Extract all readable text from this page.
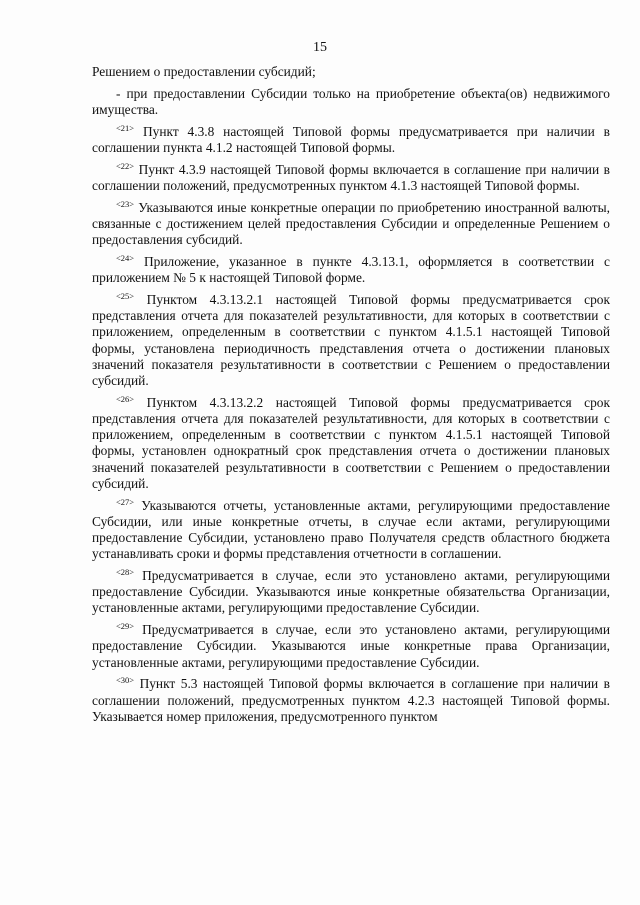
15

Решением о предоставлении субсидий;

- при предоставлении Субсидии только на приобретение объекта(ов) недвижимого имущества.

$^{<21>}$ Пункт 4.3.8 настоящей Типовой формы предусматривается при наличии в соглашении пункта 4.1.2 настоящей Типовой формы.

$^{<22>}$ Пункт 4.3.9 настоящей Типовой формы включается в соглашение при наличии в соглашении положений, предусмотренных пунктом 4.1.3 настоящей Типовой формы.

$^{<23>}$ Указываются иные конкретные операции по приобретению иностранной валюты, связанные с достижением целей предоставления Субсидии и определенные Решением о предоставления субсидий.

$^{<24>}$ Приложение, указанное в пункте 4.3.13.1, оформляется в соответствии с приложением № 5 к настоящей Типовой форме.

$^{<25>}$ Пунктом 4.3.13.2.1 настоящей Типовой формы предусматривается срок представления отчета для показателей результативности, для которых в соответствии с приложением, определенным в соответствии с пунктом 4.1.5.1 настоящей Типовой формы, установлена периодичность представления отчета о достижении плановых значений показателя результативности в соответствии с Решением о предоставлении субсидий.

$^{<26>}$ Пунктом 4.3.13.2.2 настоящей Типовой формы предусматривается срок представления отчета для показателей результативности, для которых в соответствии с приложением, определенным в соответствии с пунктом 4.1.5.1 настоящей Типовой формы, установлен однократный срок представления отчета о достижении плановых значений показателей результативности в соответствии с Решением о предоставлении субсидий.

$^{<27>}$ Указываются отчеты, установленные актами, регулирующими предоставление Субсидии, или иные конкретные отчеты, в случае если актами, регулирующими предоставление Субсидии, установлено право Получателя средств областного бюджета устанавливать сроки и формы представления отчетности в соглашении.

$^{<28>}$ Предусматривается в случае, если это установлено актами, регулирующими предоставление Субсидии. Указываются иные конкретные обязательства Организации, установленные актами, регулирующими предоставление Субсидии.

$^{<29>}$ Предусматривается в случае, если это установлено актами, регулирующими предоставление Субсидии. Указываются иные конкретные права Организации, установленные актами, регулирующими предоставление Субсидии.

$^{<30>}$ Пункт 5.3 настоящей Типовой формы включается в соглашение при наличии в соглашении положений, предусмотренных пунктом 4.2.3 настоящей Типовой формы. Указывается номер приложения, предусмотренного пунктом
